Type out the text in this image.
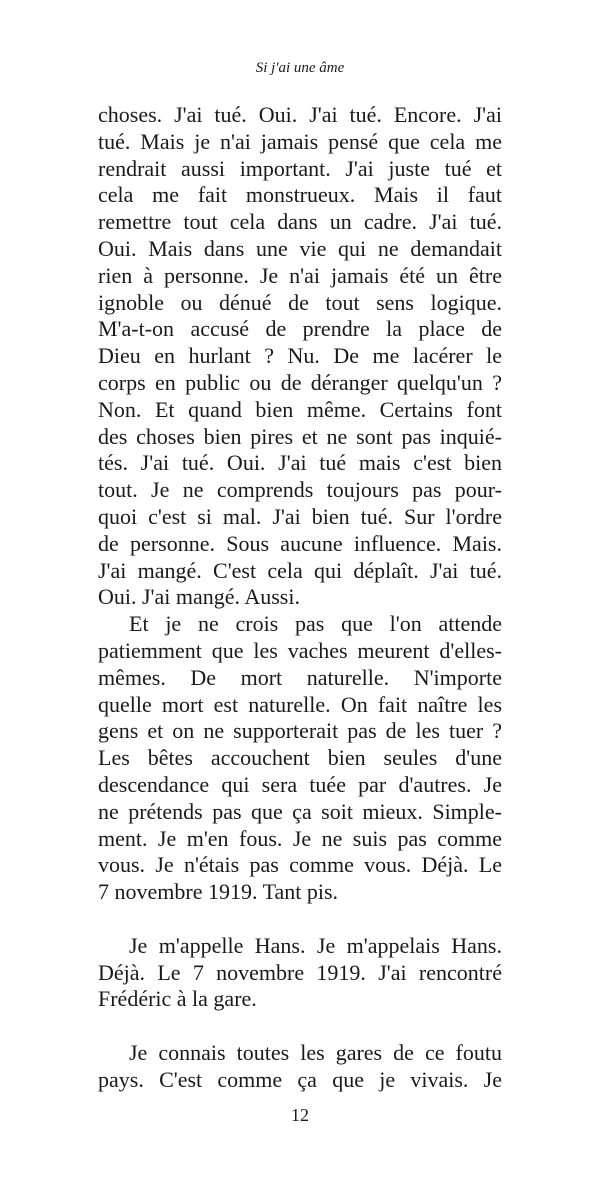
Si j'ai une âme
choses. J'ai tué. Oui. J'ai tué. Encore. J'ai
tué. Mais je n'ai jamais pensé que cela me
rendrait aussi important. J'ai juste tué et
cela me fait monstrueux. Mais il faut
remettre tout cela dans un cadre. J'ai tué.
Oui. Mais dans une vie qui ne demandait
rien à personne. Je n'ai jamais été un être
ignoble ou dénué de tout sens logique.
M'a-t-on accusé de prendre la place de
Dieu en hurlant ? Nu. De me lacérer le
corps en public ou de déranger quelqu'un ?
Non. Et quand bien même. Certains font
des choses bien pires et ne sont pas inquié-
tés. J'ai tué. Oui. J'ai tué mais c'est bien
tout. Je ne comprends toujours pas pour-
quoi c'est si mal. J'ai bien tué. Sur l'ordre
de personne. Sous aucune influence. Mais.
J'ai mangé. C'est cela qui déplaît. J'ai tué.
Oui. J'ai mangé. Aussi.
Et je ne crois pas que l'on attende
patiemment que les vaches meurent d'elles-
mêmes. De mort naturelle. N'importe
quelle mort est naturelle. On fait naître les
gens et on ne supporterait pas de les tuer ?
Les bêtes accouchent bien seules d'une
descendance qui sera tuée par d'autres. Je
ne prétends pas que ça soit mieux. Simple-
ment. Je m'en fous. Je ne suis pas comme
vous. Je n'étais pas comme vous. Déjà. Le
7 novembre 1919. Tant pis.
Je m'appelle Hans. Je m'appelais Hans.
Déjà. Le 7 novembre 1919. J'ai rencontré
Frédéric à la gare.
Je connais toutes les gares de ce foutu
pays. C'est comme ça que je vivais. Je
12
